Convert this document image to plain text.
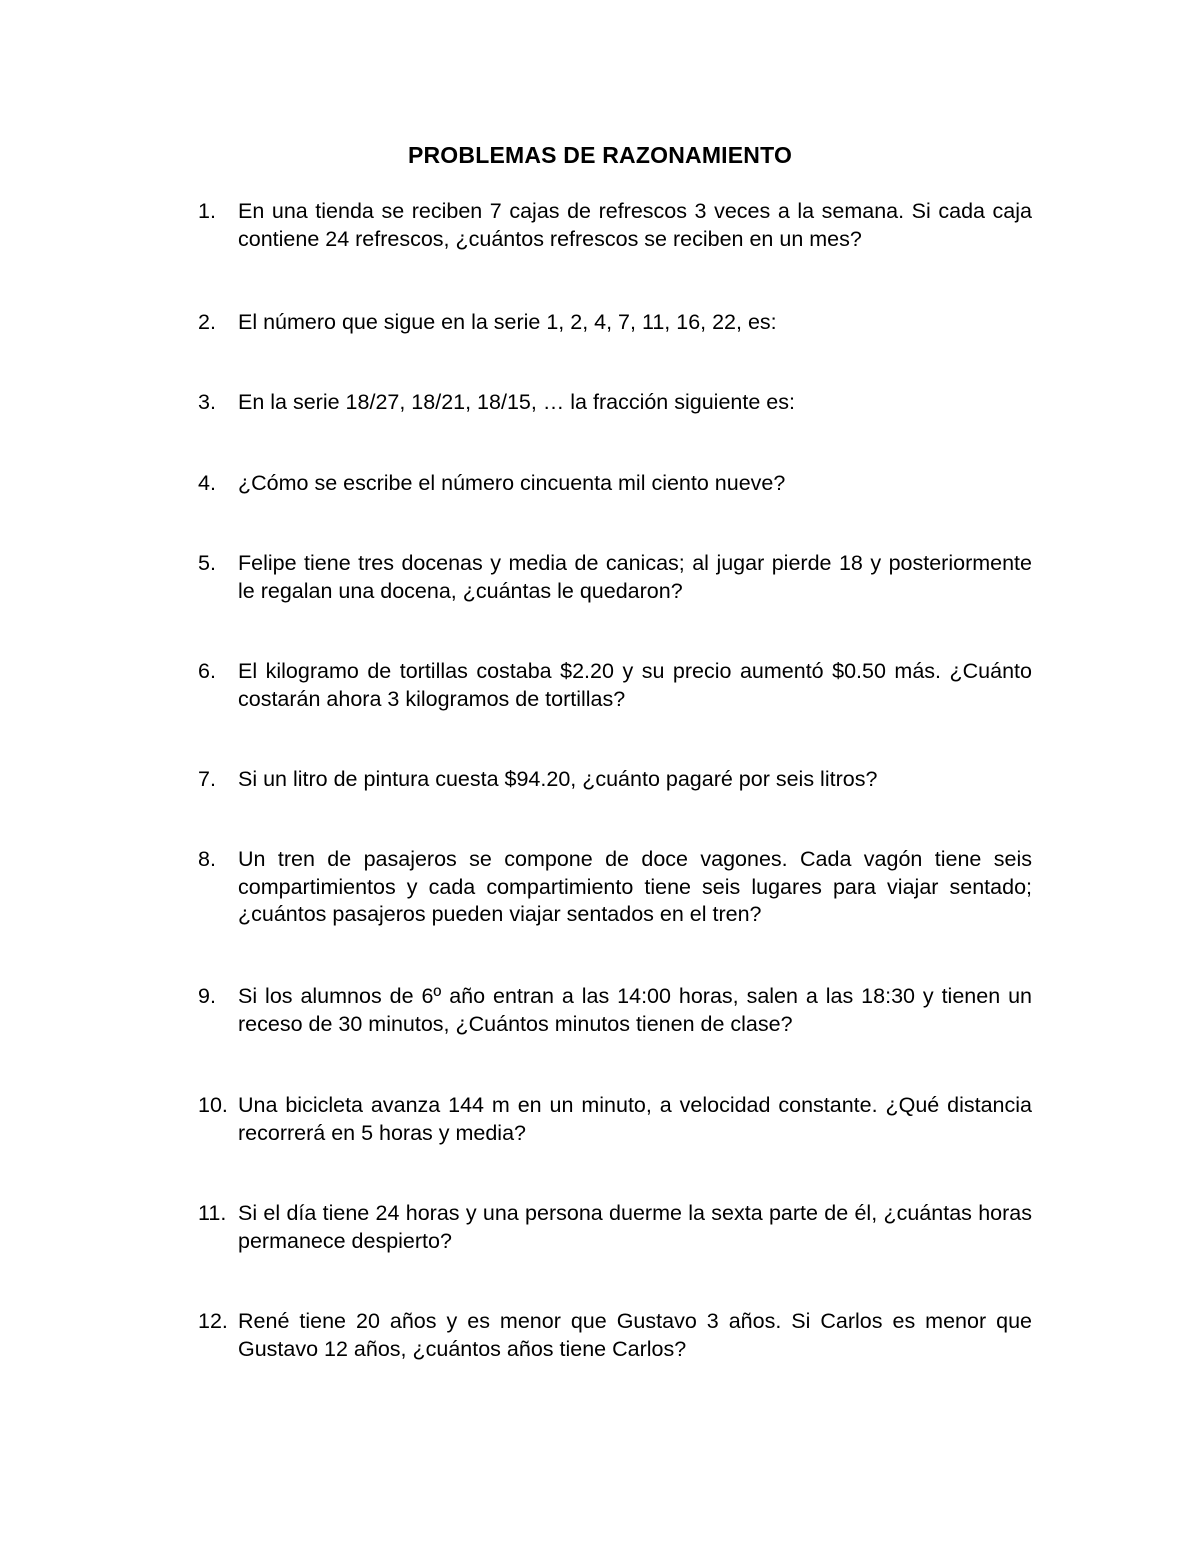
PROBLEMAS DE RAZONAMIENTO
1.	En una tienda se reciben 7 cajas de refrescos 3 veces a la semana. Si cada caja contiene 24 refrescos, ¿cuántos refrescos se reciben en un mes?
2.	El número que sigue en la serie 1, 2, 4, 7, 11, 16, 22, es:
3.	En la serie 18/27, 18/21, 18/15, … la fracción siguiente es:
4.	¿Cómo se escribe el número cincuenta mil ciento nueve?
5.	Felipe tiene tres docenas y media de canicas; al jugar pierde 18 y posteriormente le regalan una docena, ¿cuántas le quedaron?
6.	El kilogramo de tortillas costaba $2.20 y su precio aumentó $0.50 más. ¿Cuánto costarán ahora 3 kilogramos de tortillas?
7.	Si un litro de pintura cuesta $94.20, ¿cuánto pagaré por seis litros?
8.	Un tren de pasajeros se compone de doce vagones. Cada vagón tiene seis compartimientos y cada compartimiento tiene seis lugares para viajar sentado; ¿cuántos pasajeros pueden viajar sentados en el tren?
9.	Si los alumnos de 6º año entran a las 14:00 horas, salen a las 18:30 y tienen un receso de 30 minutos, ¿Cuántos minutos tienen de clase?
10. Una bicicleta avanza 144 m en un minuto, a velocidad constante. ¿Qué distancia recorrerá en 5 horas y media?
11. Si el día tiene 24 horas y una persona duerme la sexta parte de él, ¿cuántas horas permanece despierto?
12. René tiene 20 años y es menor que Gustavo 3 años. Si Carlos es menor que Gustavo 12 años, ¿cuántos años tiene Carlos?
